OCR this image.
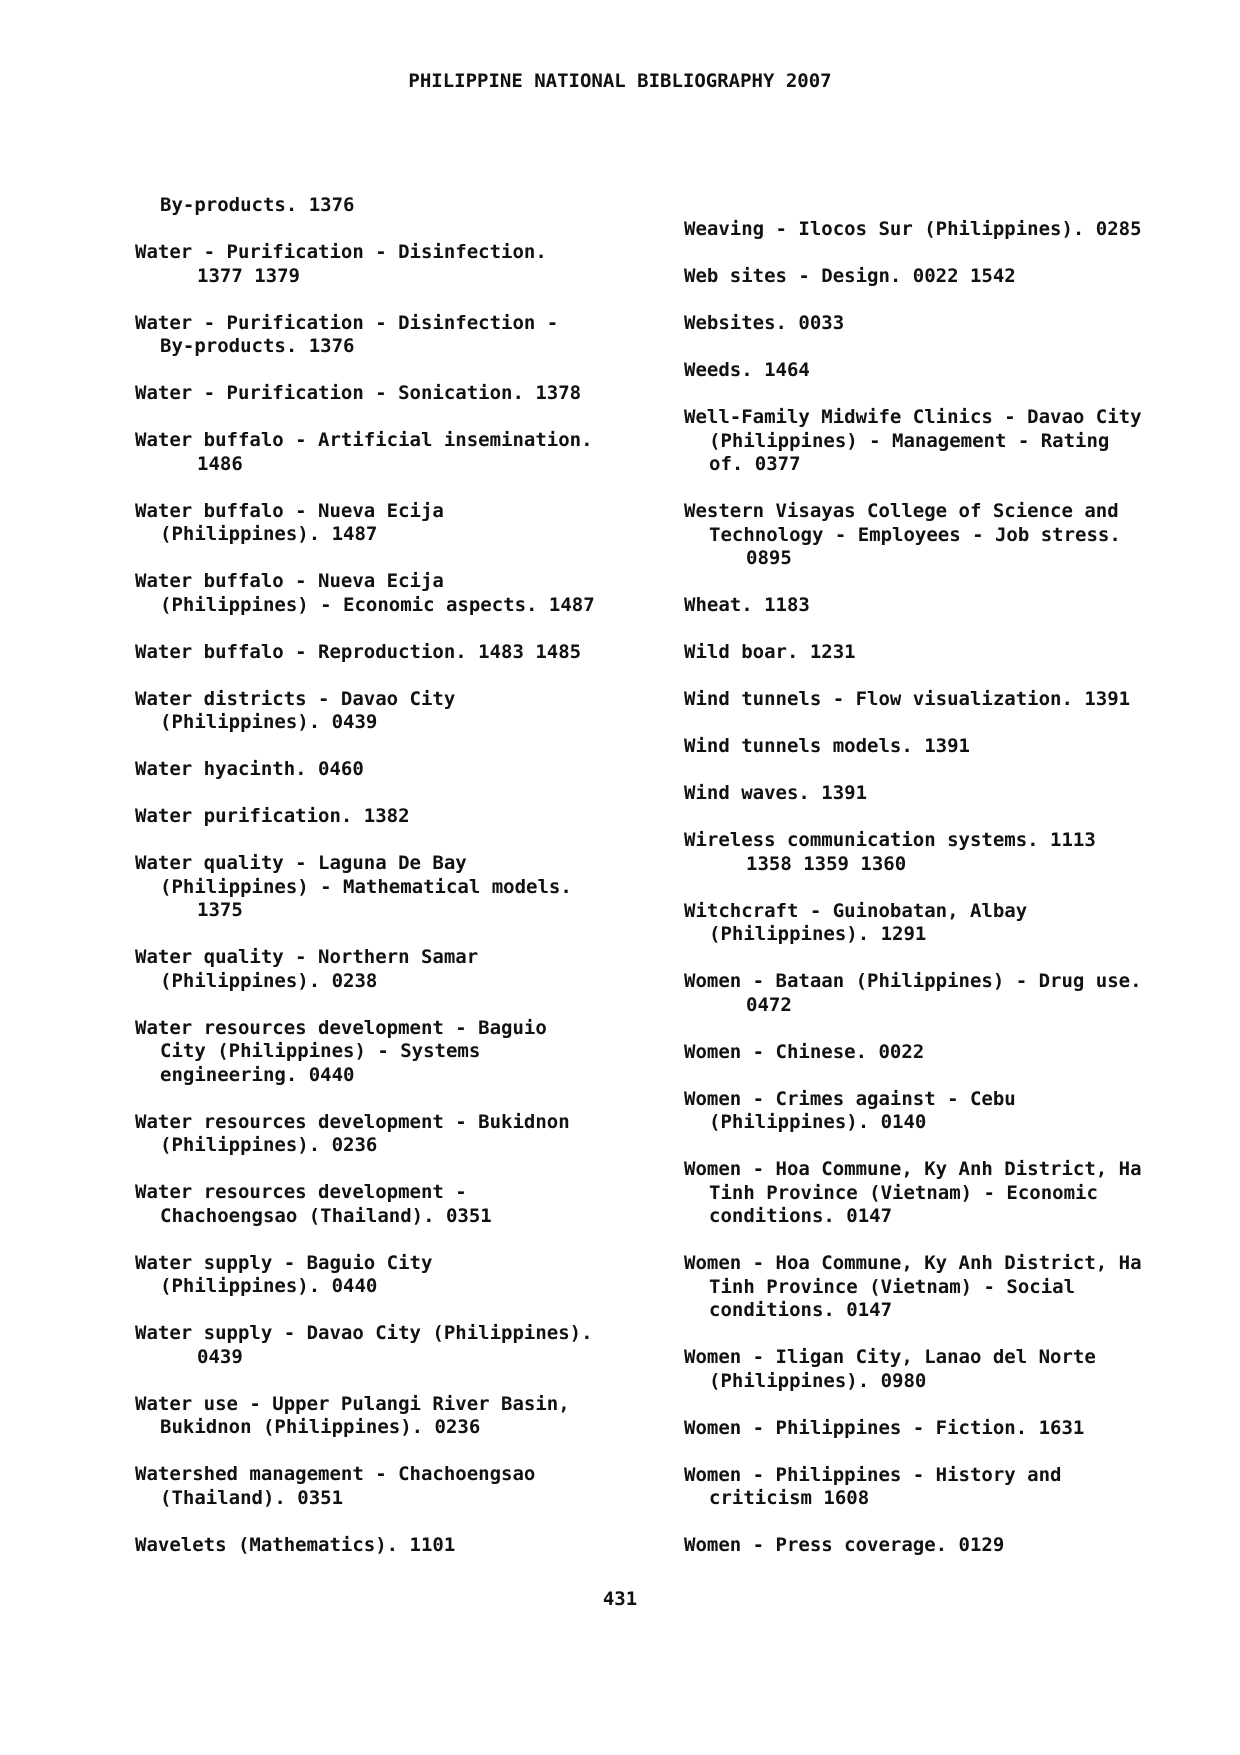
PHILIPPINE NATIONAL BIBLIOGRAPHY 2007
By-products. 1376
Water - Purification - Disinfection.
1377 1379
Water - Purification - Disinfection -
By-products. 1376
Water - Purification - Sonication. 1378
Water buffalo - Artificial insemination.
1486
Water buffalo - Nueva Ecija
(Philippines). 1487
Water buffalo - Nueva Ecija
(Philippines) - Economic aspects. 1487
Water buffalo - Reproduction. 1483 1485
Water districts - Davao City
(Philippines). 0439
Water hyacinth. 0460
Water purification. 1382
Water quality - Laguna De Bay
(Philippines) - Mathematical models.
1375
Water quality - Northern Samar
(Philippines). 0238
Water resources development - Baguio
City (Philippines) - Systems
engineering. 0440
Water resources development - Bukidnon
(Philippines). 0236
Water resources development -
Chachoengsao (Thailand). 0351
Water supply - Baguio City
(Philippines). 0440
Water supply - Davao City (Philippines).
0439
Water use - Upper Pulangi River Basin,
Bukidnon (Philippines). 0236
Watershed management - Chachoengsao
(Thailand). 0351
Wavelets (Mathematics). 1101
Weaving - Ilocos Sur (Philippines). 0285
Web sites - Design. 0022 1542
Websites. 0033
Weeds. 1464
Well-Family Midwife Clinics - Davao City
(Philippines) - Management - Rating
of. 0377
Western Visayas College of Science and
Technology - Employees - Job stress.
0895
Wheat. 1183
Wild boar. 1231
Wind tunnels - Flow visualization. 1391
Wind tunnels models. 1391
Wind waves. 1391
Wireless communication systems. 1113
1358 1359 1360
Witchcraft - Guinobatan, Albay
(Philippines). 1291
Women - Bataan (Philippines) - Drug use.
0472
Women - Chinese. 0022
Women - Crimes against - Cebu
(Philippines). 0140
Women - Hoa Commune, Ky Anh District, Ha
Tinh Province (Vietnam) - Economic
conditions. 0147
Women - Hoa Commune, Ky Anh District, Ha
Tinh Province (Vietnam) - Social
conditions. 0147
Women - Iligan City, Lanao del Norte
(Philippines). 0980
Women - Philippines - Fiction. 1631
Women - Philippines - History and
criticism 1608
Women - Press coverage. 0129
431
